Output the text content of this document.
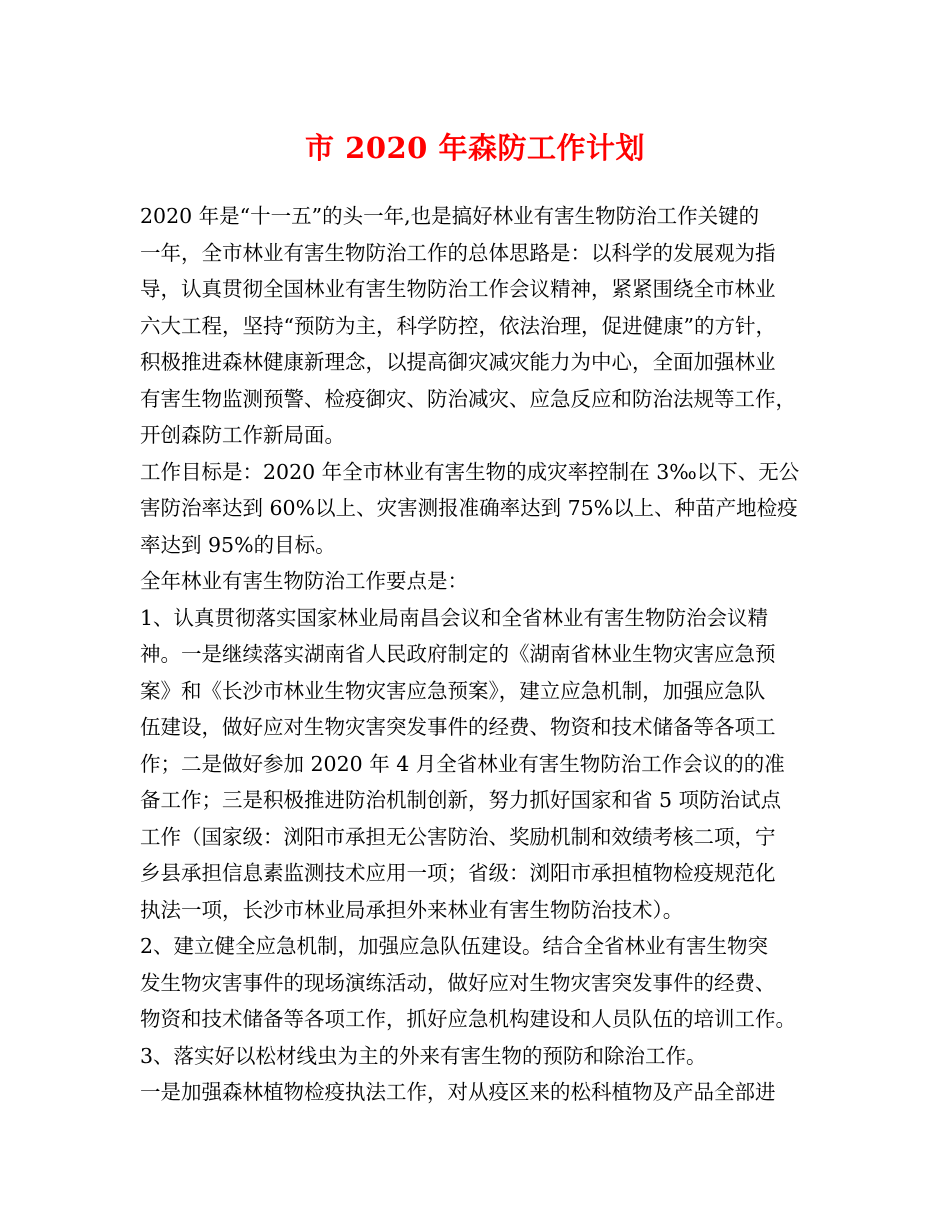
市 2020 年森防工作计划
2020 年是“十一五”的头一年,也是搞好林业有害生物防治工作关键的
一年，全市林业有害生物防治工作的总体思路是：以科学的发展观为指
导，认真贯彻全国林业有害生物防治工作会议精神，紧紧围绕全市林业
六大工程，坚持“预防为主，科学防控，依法治理，促进健康”的方针，
积极推进森林健康新理念，以提高御灾减灾能力为中心，全面加强林业
有害生物监测预警、检疫御灾、防治减灾、应急反应和防治法规等工作，
开创森防工作新局面。
工作目标是：2020 年全市林业有害生物的成灾率控制在 3‰以下、无公
害防治率达到 60%以上、灾害测报准确率达到 75%以上、种苗产地检疫
率达到 95%的目标。
全年林业有害生物防治工作要点是：
1、认真贯彻落实国家林业局南昌会议和全省林业有害生物防治会议精
神。一是继续落实湖南省人民政府制定的《湖南省林业生物灾害应急预
案》和《长沙市林业生物灾害应急预案》，建立应急机制，加强应急队
伍建设，做好应对生物灾害突发事件的经费、物资和技术储备等各项工
作；二是做好参加 2020 年 4 月全省林业有害生物防治工作会议的的准
备工作；三是积极推进防治机制创新，努力抓好国家和省 5 项防治试点
工作（国家级：浏阳市承担无公害防治、奖励机制和效绩考核二项，宁
乡县承担信息素监测技术应用一项；省级：浏阳市承担植物检疫规范化
执法一项，长沙市林业局承担外来林业有害生物防治技术）。
2、建立健全应急机制，加强应急队伍建设。结合全省林业有害生物突
发生物灾害事件的现场演练活动，做好应对生物灾害突发事件的经费、
物资和技术储备等各项工作，抓好应急机构建设和人员队伍的培训工作。
3、落实好以松材线虫为主的外来有害生物的预防和除治工作。
一是加强森林植物检疫执法工作，对从疫区来的松科植物及产品全部进
